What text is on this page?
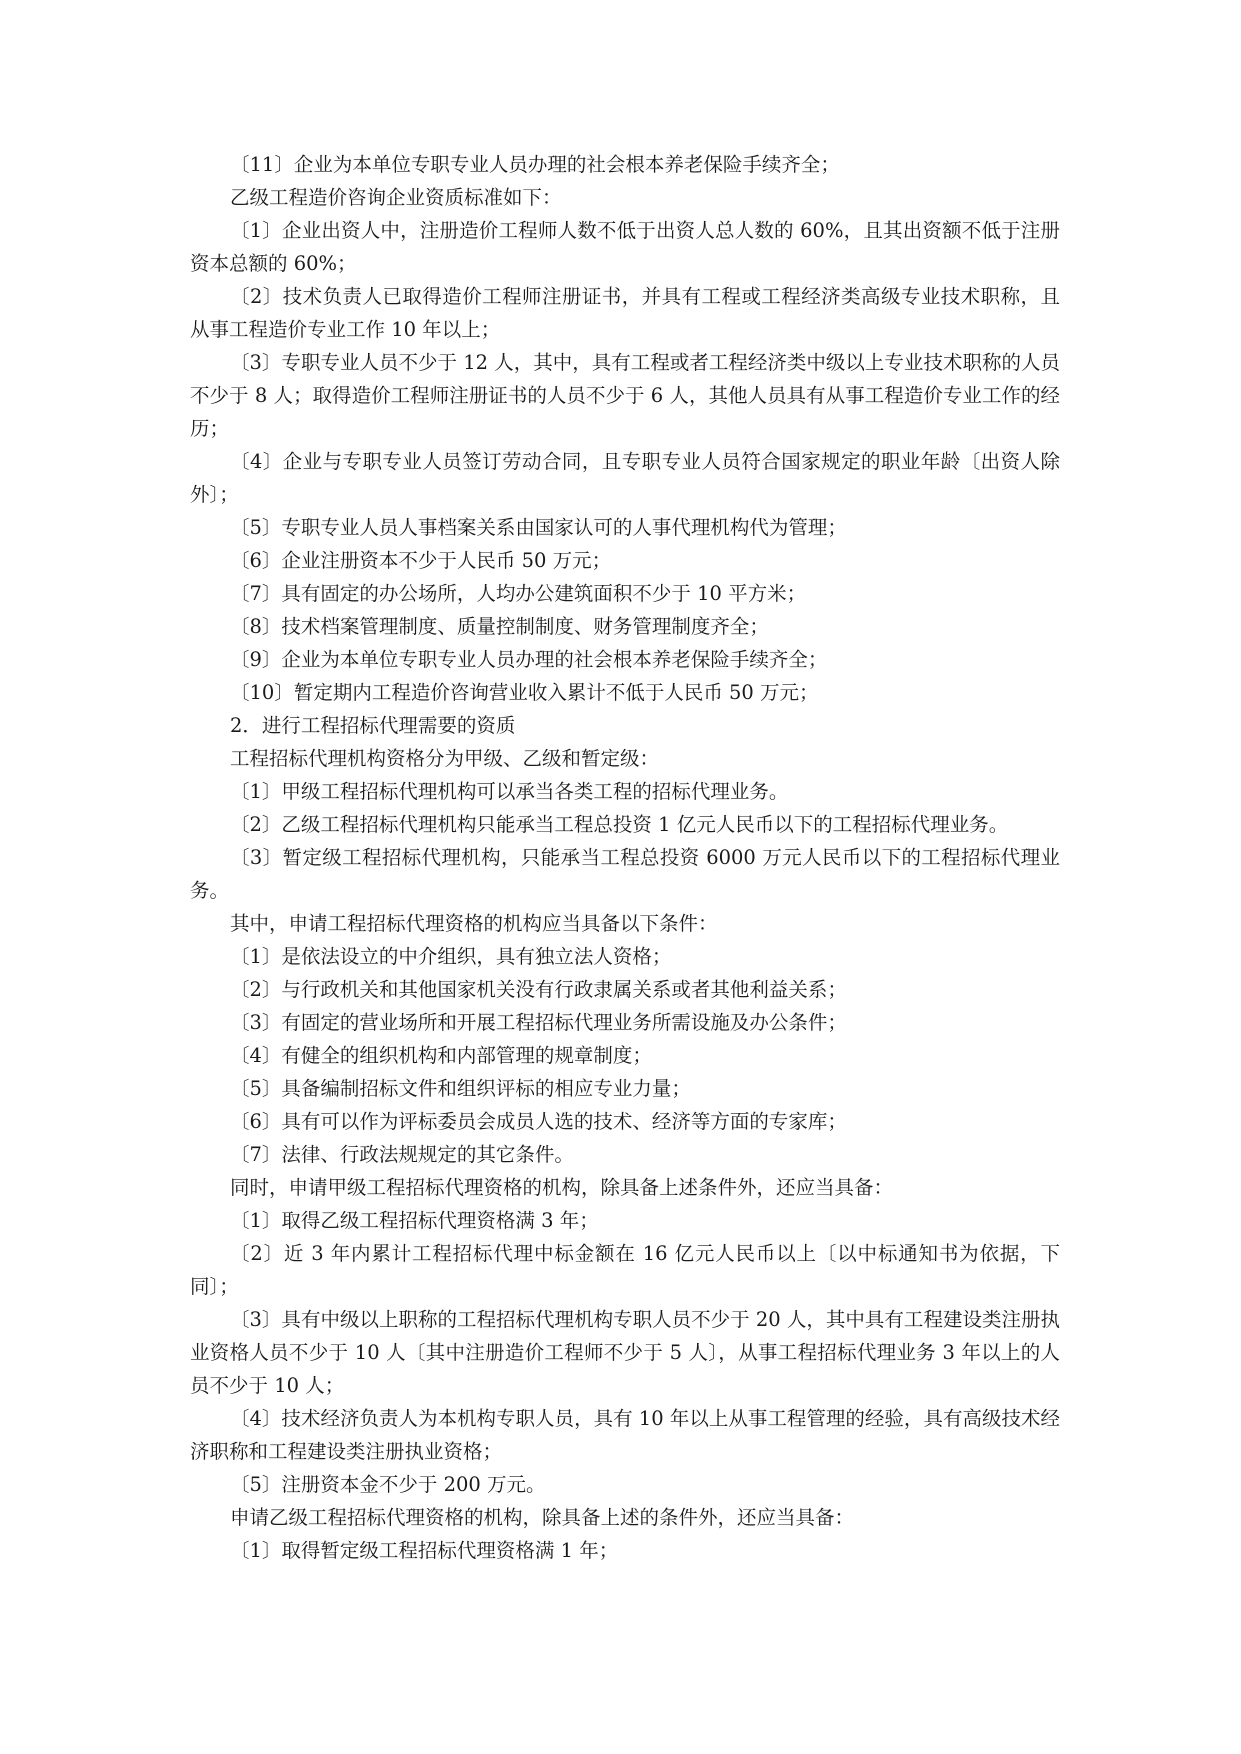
〔11〕企业为本单位专职专业人员办理的社会根本养老保险手续齐全；

乙级工程造价咨询企业资质标准如下：

〔1〕企业出资人中，注册造价工程师人数不低于出资人总人数的 60%，且其出资额不低于注册资本总额的 60%；

〔2〕技术负责人已取得造价工程师注册证书，并具有工程或工程经济类高级专业技术职称，且从事工程造价专业工作 10 年以上；

〔3〕专职专业人员不少于 12 人，其中，具有工程或者工程经济类中级以上专业技术职称的人员不少于 8 人；取得造价工程师注册证书的人员不少于 6 人，其他人员具有从事工程造价专业工作的经历；

〔4〕企业与专职专业人员签订劳动合同，且专职专业人员符合国家规定的职业年龄〔出资人除外〕；

〔5〕专职专业人员人事档案关系由国家认可的人事代理机构代为管理；

〔6〕企业注册资本不少于人民币 50 万元；

〔7〕具有固定的办公场所，人均办公建筑面积不少于 10 平方米；

〔8〕技术档案管理制度、质量控制制度、财务管理制度齐全；

〔9〕企业为本单位专职专业人员办理的社会根本养老保险手续齐全；

〔10〕暂定期内工程造价咨询营业收入累计不低于人民币 50 万元；

2．进行工程招标代理需要的资质

工程招标代理机构资格分为甲级、乙级和暂定级：

〔1〕甲级工程招标代理机构可以承当各类工程的招标代理业务。

〔2〕乙级工程招标代理机构只能承当工程总投资 1 亿元人民币以下的工程招标代理业务。

〔3〕暂定级工程招标代理机构，只能承当工程总投资 6000 万元人民币以下的工程招标代理业务。

其中，申请工程招标代理资格的机构应当具备以下条件：

〔1〕是依法设立的中介组织，具有独立法人资格；

〔2〕与行政机关和其他国家机关没有行政隶属关系或者其他利益关系；

〔3〕有固定的营业场所和开展工程招标代理业务所需设施及办公条件；

〔4〕有健全的组织机构和内部管理的规章制度；

〔5〕具备编制招标文件和组织评标的相应专业力量；

〔6〕具有可以作为评标委员会成员人选的技术、经济等方面的专家库；

〔7〕法律、行政法规规定的其它条件。

同时，申请甲级工程招标代理资格的机构，除具备上述条件外，还应当具备：

〔1〕取得乙级工程招标代理资格满 3 年；

〔2〕近 3 年内累计工程招标代理中标金额在 16 亿元人民币以上〔以中标通知书为依据，下同〕；

〔3〕具有中级以上职称的工程招标代理机构专职人员不少于 20 人，其中具有工程建设类注册执业资格人员不少于 10 人〔其中注册造价工程师不少于 5 人〕，从事工程招标代理业务 3 年以上的人员不少于 10 人；

〔4〕技术经济负责人为本机构专职人员，具有 10 年以上从事工程管理的经验，具有高级技术经济职称和工程建设类注册执业资格；

〔5〕注册资本金不少于 200 万元。

申请乙级工程招标代理资格的机构，除具备上述的条件外，还应当具备：

〔1〕取得暂定级工程招标代理资格满 1 年；
